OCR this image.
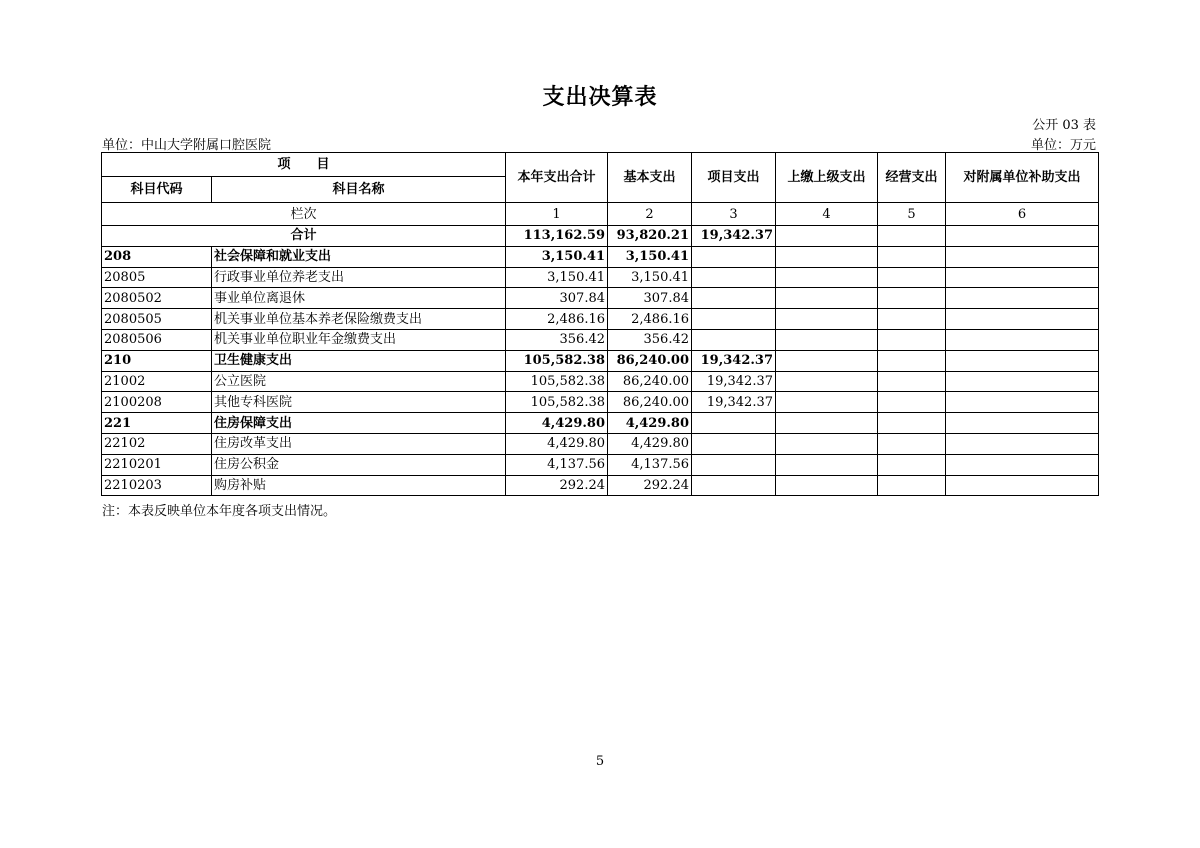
支出决算表
公开 03 表
单位：中山大学附属口腔医院	单位：万元
项　　目		本年支出合计	基本支出	项目支出	上缴上级支出	经营支出	对附属单位补助支出
科目代码	科目名称						
栏次		1	2	3	4	5	6
合计		113,162.59	93,820.21	19,342.37			
208	社会保障和就业支出	3,150.41	3,150.41				
20805	行政事业单位养老支出	3,150.41	3,150.41				
2080502	事业单位离退休	307.84	307.84				
2080505	机关事业单位基本养老保险缴费支出	2,486.16	2,486.16				
2080506	机关事业单位职业年金缴费支出	356.42	356.42				
210	卫生健康支出	105,582.38	86,240.00	19,342.37			
21002	公立医院	105,582.38	86,240.00	19,342.37			
2100208	其他专科医院	105,582.38	86,240.00	19,342.37			
221	住房保障支出	4,429.80	4,429.80				
22102	住房改革支出	4,429.80	4,429.80				
2210201	住房公积金	4,137.56	4,137.56				
2210203	购房补贴	292.24	292.24				
注：本表反映单位本年度各项支出情况。
5
